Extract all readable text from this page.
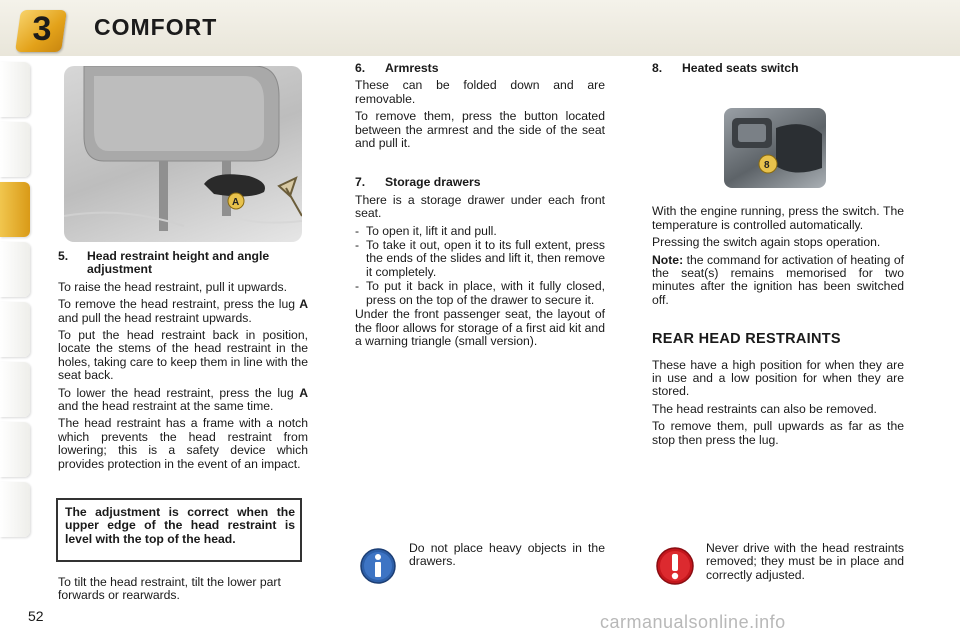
3 COMFORT
A
8
5.	Head restraint height and angle adjustment

To raise the head restraint, pull it upwards.

To remove the head restraint, press the lug A and pull the head restraint upwards.

To put the head restraint back in position, locate the stems of the head restraint in the holes, taking care to keep them in line with the seat back.

To lower the head restraint, press the lug A and the head restraint at the same time.

The head restraint has a frame with a notch which prevents the head restraint from lowering; this is a safety device which provides protection in the event of an impact.

The adjustment is correct when the upper edge of the head restraint is level with the top of the head.

To tilt the head restraint, tilt the lower part forwards or rearwards.

6.	Armrests

These can be folded down and are removable.

To remove them, press the button located between the armrest and the side of the seat and pull it.

7.	Storage drawers

There is a storage drawer under each front seat.

- To open it, lift it and pull.
- To take it out, open it to its full extent, press the ends of the slides and lift it, then remove it completely.
- To put it back in place, with it fully closed, press on the top of the drawer to secure it.

Under the front passenger seat, the layout of the floor allows for storage of a first aid kit and a warning triangle (small version).

Do not place heavy objects in the drawers.

8.	Heated seats switch

With the engine running, press the switch. The temperature is controlled automatically.

Pressing the switch again stops operation.

Note: the command for activation of heating of the seat(s) remains memorised for two minutes after the ignition has been switched off.

REAR HEAD RESTRAINTS

These have a high position for when they are in use and a low position for when they are stored.

The head restraints can also be removed.

To remove them, pull upwards as far as the stop then press the lug.

Never drive with the head restraints removed; they must be in place and correctly adjusted.

52	carmanualsonline.info
